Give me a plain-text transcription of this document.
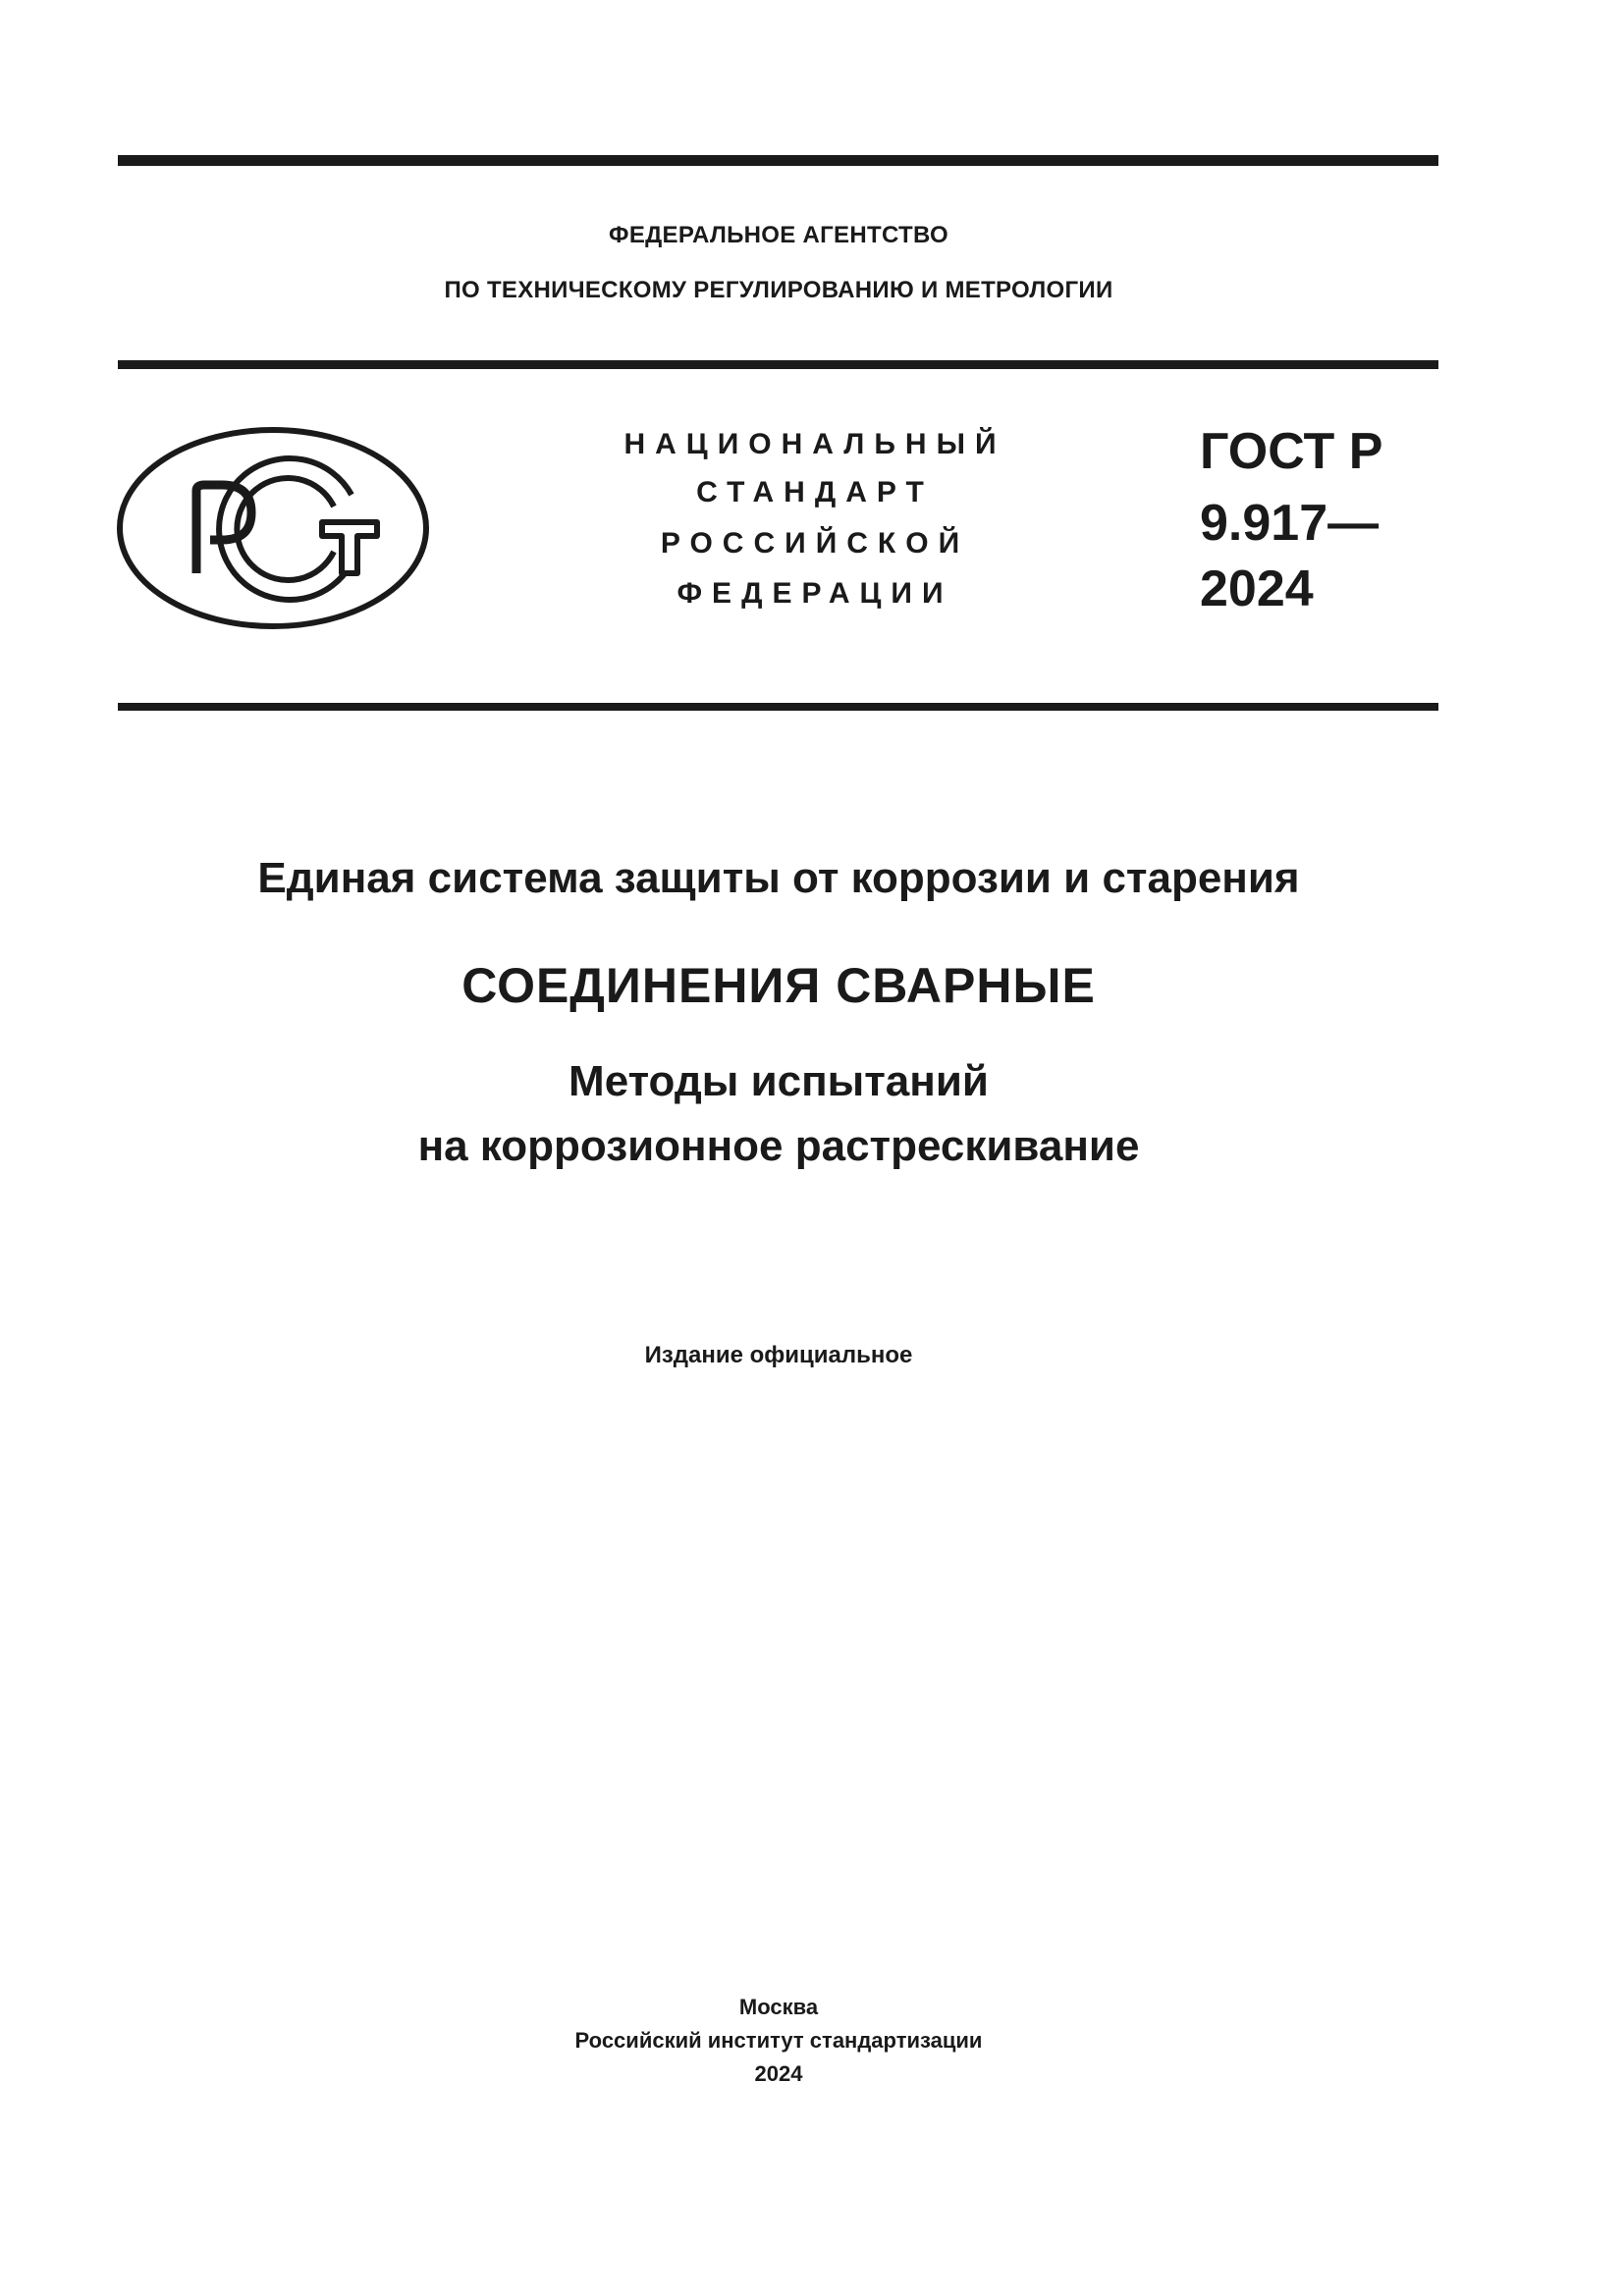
ФЕДЕРАЛЬНОЕ АГЕНТСТВО
ПО ТЕХНИЧЕСКОМУ РЕГУЛИРОВАНИЮ И МЕТРОЛОГИИ
НАЦИОНАЛЬНЫЙ
СТАНДАРТ
РОССИЙСКОЙ
ФЕДЕРАЦИИ
ГОСТ Р
9.917—
2024
Единая система защиты от коррозии и старения
СОЕДИНЕНИЯ СВАРНЫЕ
Методы испытаний
на коррозионное растрескивание
Издание официальное
Москва
Российский институт стандартизации
2024
